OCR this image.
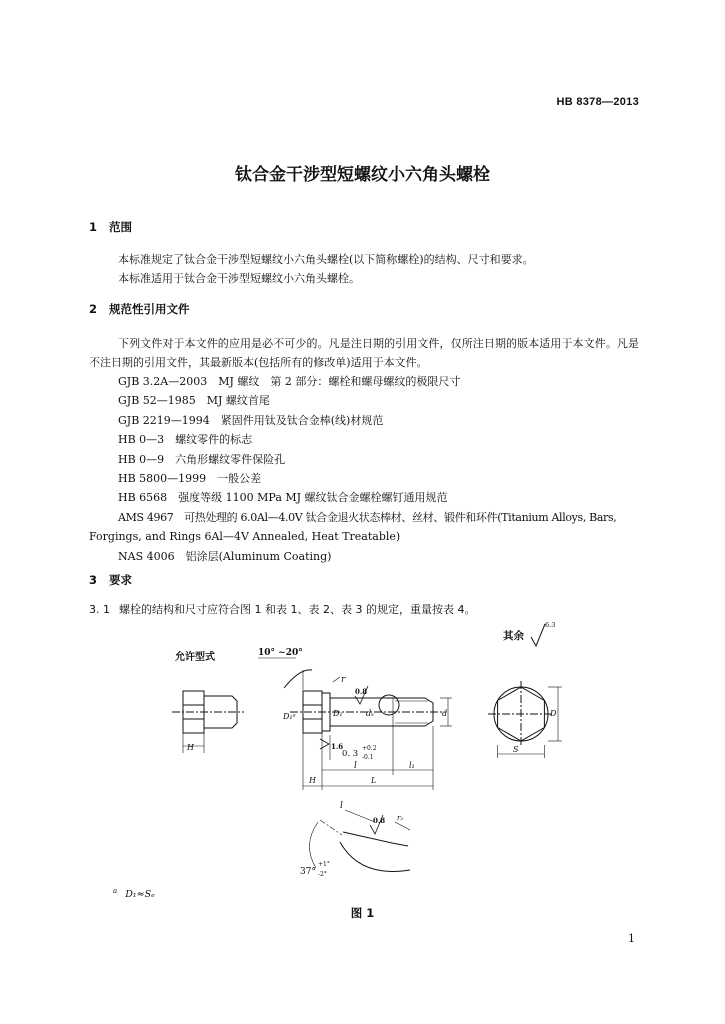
HB 8378—2013
钛合金干涉型短螺纹小六角头螺栓
1 范围
本标准规定了钛合金干涉型短螺纹小六角头螺栓(以下简称螺栓)的结构、尺寸和要求。
本标准适用于钛合金干涉型短螺纹小六角头螺栓。
2 规范性引用文件
下列文件对于本文件的应用是必不可少的。凡是注日期的引用文件，仅所注日期的版本适用于本文件。凡是不注日期的引用文件，其最新版本(包括所有的修改单)适用于本文件。
GJB 3.2A—2003　MJ 螺纹　第 2 部分：螺栓和螺母螺纹的极限尺寸
GJB 52—1985　MJ 螺纹首尾
GJB 2219—1994　紧固件用钛及钛合金棒(线)材规范
HB 0—3　螺纹零件的标志
HB 0—9　六角形螺纹零件保险孔
HB 5800—1999　一般公差
HB 6568　强度等级 1100 MPa MJ 螺纹钛合金螺栓螺钉通用规范
AMS 4967　可热处理的 6.0Al—4.0V 钛合金退火状态棒材、丝材、锻件和环件(Titanium Alloys, Bars,
Forgings, and Rings 6Al—4V Annealed, Heat Treatable)
NAS 4006　铝涂层(Aluminum Coating)
3 要求
3. 1 螺栓的结构和尺寸应符合图 1 和表 1、表 2、表 3 的规定，重量按表 4。
其余
允许型式
6.3
10° ~20°
r
0.8
D₁ᵃ	D₁	dₛ	d
H	1.6
0. 3
+0.2
-0.1
l	l₁
H	L
D
S
l
0.8 r₂
37°
+1°
-2°
$^a$ D₁≈Sₑ
图 1
1
